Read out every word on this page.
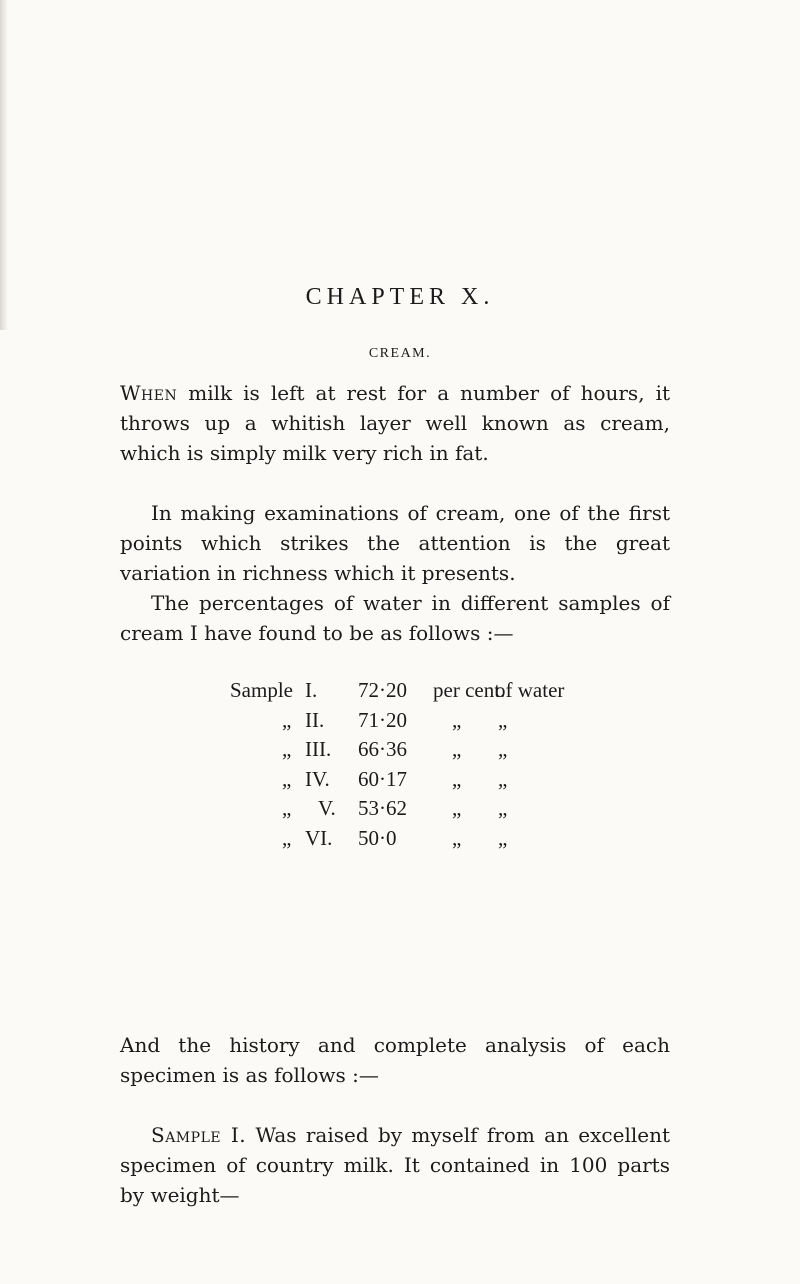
CHAPTER X.
CREAM.

When milk is left at rest for a number of hours, it throws up a whitish layer well known as cream, which is simply milk very rich in fat.

In making examinations of cream, one of the first points which strikes the attention is the great variation in richness which it presents.

The percentages of water in different samples of cream I have found to be as follows :—

Sample I. 72·20 per cent.
of water
„ II. 71·20 „ „
„ III. 66·36 „ „
„ IV. 60·17 „ „
„ V. 53·62 „ „
„ VI. 50·0	„ „

And the history and complete analysis of each specimen is as follows :—

Sample I. Was raised by myself from an excellent specimen of country milk. It contained in 100 parts by weight—
